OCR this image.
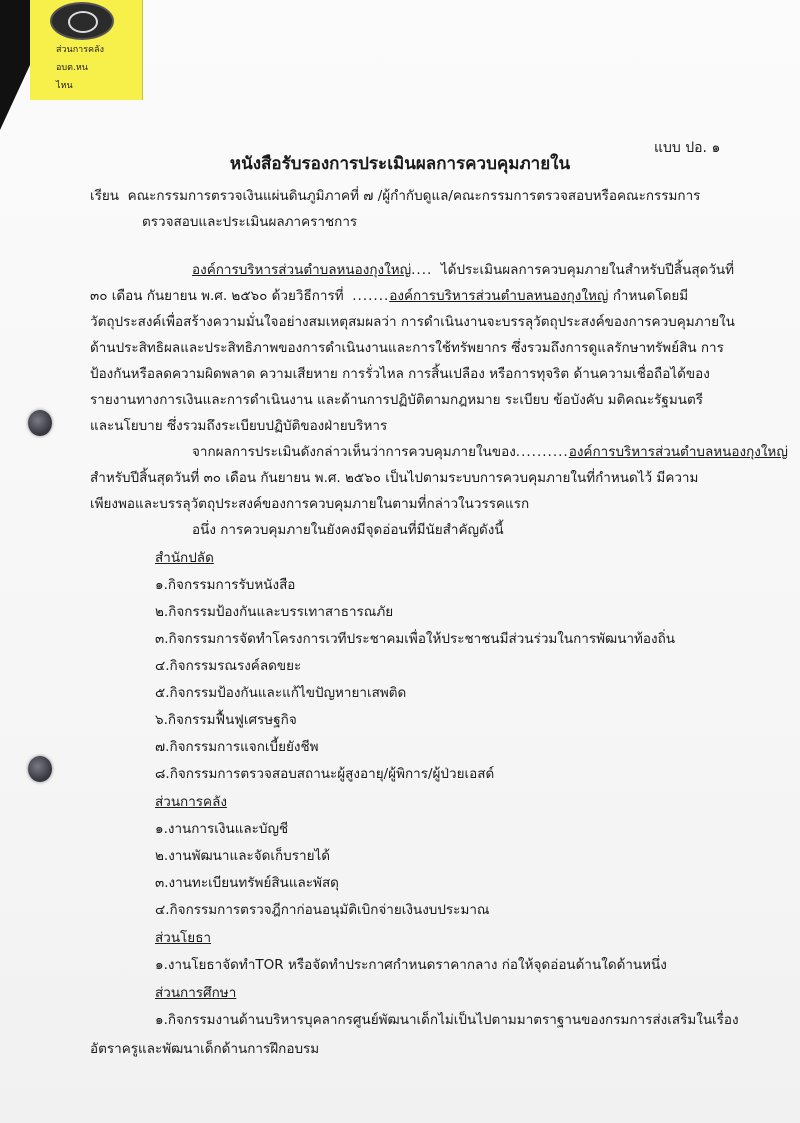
ส่วนการคลัง
อบต.หน
ไหน
แบบ ปอ. ๑
หนังสือรับรองการประเมินผลการควบคุมภายใน
เรียน คณะกรรมการตรวจเงินแผ่นดินภูมิภาคที่ ๗ /ผู้กำกับดูแล/คณะกรรมการตรวจสอบหรือคณะกรรมการ
ตรวจสอบและประเมินผลภาคราชการ
องค์การบริหารส่วนตำบลหนองกุงใหญ่.... ได้ประเมินผลการควบคุมภายในสำหรับปีสิ้นสุดวันที่
๓๐ เดือน กันยายน พ.ศ. ๒๕๖๐ ด้วยวิธีการที่ .......องค์การบริหารส่วนตำบลหนองกุงใหญ่ กำหนดโดยมี
วัตถุประสงค์เพื่อสร้างความมั่นใจอย่างสมเหตุสมผลว่า การดำเนินงานจะบรรลุวัตถุประสงค์ของการควบคุมภายใน
ด้านประสิทธิผลและประสิทธิภาพของการดำเนินงานและการใช้ทรัพยากร ซึ่งรวมถึงการดูแลรักษาทรัพย์สิน การ
ป้องกันหรือลดความผิดพลาด ความเสียหาย การรั่วไหล การสิ้นเปลือง หรือการทุจริต ด้านความเชื่อถือได้ของ
รายงานทางการเงินและการดำเนินงาน และด้านการปฏิบัติตามกฎหมาย ระเบียบ ข้อบังคับ มติคณะรัฐมนตรี
และนโยบาย ซึ่งรวมถึงระเบียบปฏิบัติของฝ่ายบริหาร
จากผลการประเมินดังกล่าวเห็นว่าการควบคุมภายในของ..........องค์การบริหารส่วนตำบลหนองกุงใหญ่
สำหรับปีสิ้นสุดวันที่ ๓๐ เดือน กันยายน พ.ศ. ๒๕๖๐ เป็นไปตามระบบการควบคุมภายในที่กำหนดไว้ มีความ
เพียงพอและบรรลุวัตถุประสงค์ของการควบคุมภายในตามที่กล่าวในวรรคแรก
อนึ่ง การควบคุมภายในยังคงมีจุดอ่อนที่มีนัยสำคัญดังนี้
สำนักปลัด
๑.กิจกรรมการรับหนังสือ
๒.กิจกรรมป้องกันและบรรเทาสาธารณภัย
๓.กิจกรรมการจัดทำโครงการเวทีประชาคมเพื่อให้ประชาชนมีส่วนร่วมในการพัฒนาท้องถิ่น
๔.กิจกรรมรณรงค์ลดขยะ
๕.กิจกรรมป้องกันและแก้ไขปัญหายาเสพติด
๖.กิจกรรมฟื้นฟูเศรษฐกิจ
๗.กิจกรรมการแจกเบี้ยยังชีพ
๘.กิจกรรมการตรวจสอบสถานะผู้สูงอายุ/ผู้พิการ/ผู้ป่วยเอสด์
ส่วนการคลัง
๑.งานการเงินและบัญชี
๒.งานพัฒนาและจัดเก็บรายได้
๓.งานทะเบียนทรัพย์สินและพัสดุ
๔.กิจกรรมการตรวจฎีกาก่อนอนุมัติเบิกจ่ายเงินงบประมาณ
ส่วนโยธา
๑.งานโยธาจัดทำTOR หรือจัดทำประกาศกำหนดราคากลาง ก่อให้จุดอ่อนด้านใดด้านหนึ่ง
ส่วนการศึกษา
๑.กิจกรรมงานด้านบริหารบุคลากรศูนย์พัฒนาเด็กไม่เป็นไปตามมาตราฐานของกรมการส่งเสริมในเรื่อง
อัตราครูและพัฒนาเด็กด้านการฝึกอบรม
